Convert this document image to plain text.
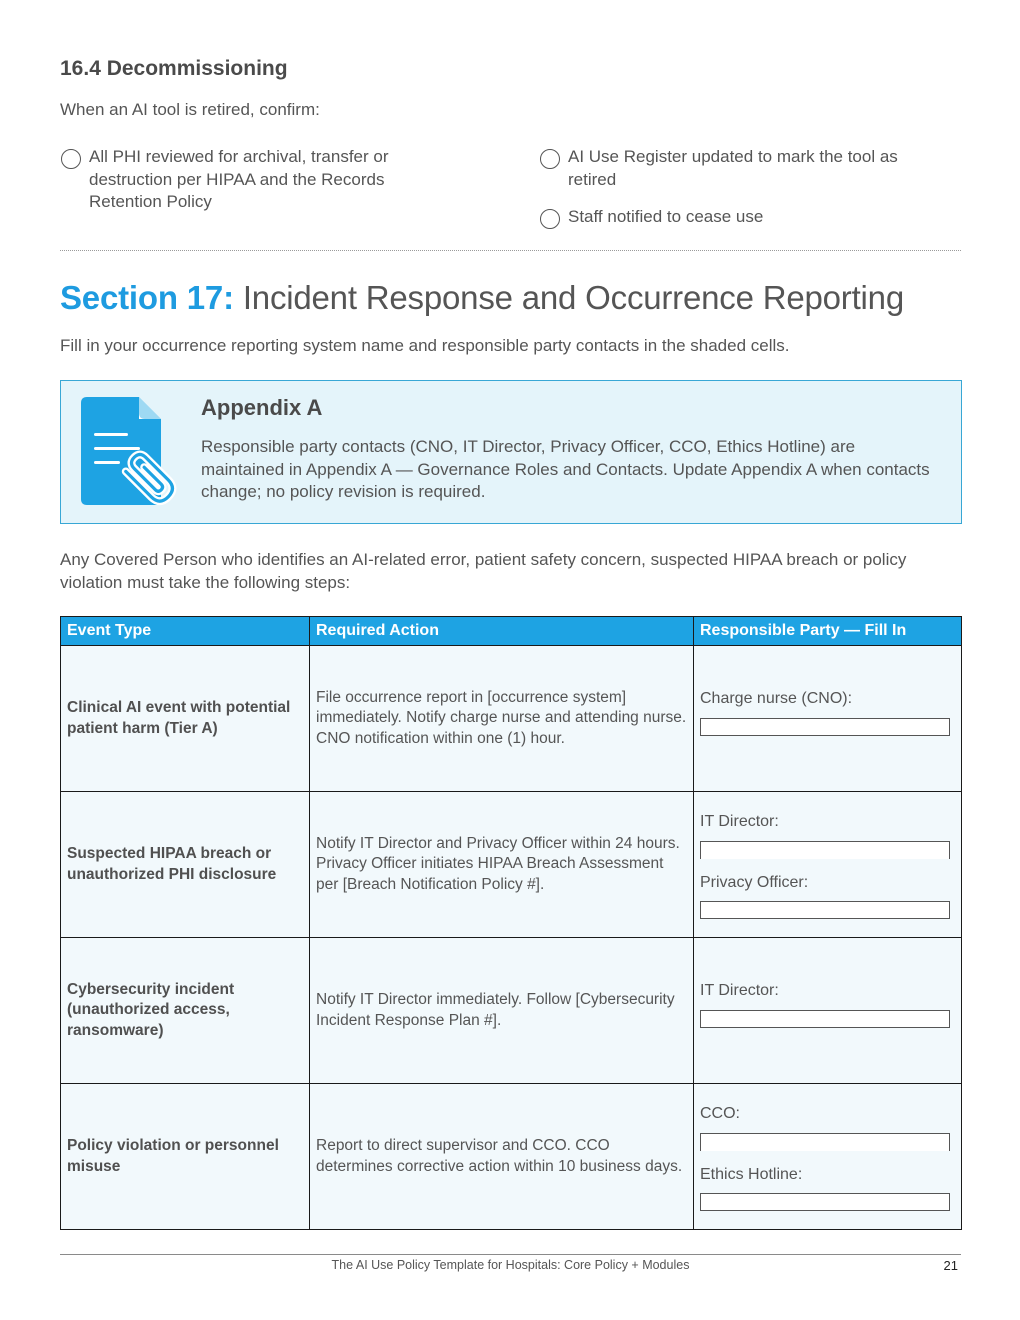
16.4 Decommissioning
When an AI tool is retired, confirm:
All PHI reviewed for archival, transfer or destruction per HIPAA and the Records Retention Policy
AI Use Register updated to mark the tool as retired
Staff notified to cease use
Section 17: Incident Response and Occurrence Reporting
Fill in your occurrence reporting system name and responsible party contacts in the shaded cells.
Appendix A

Responsible party contacts (CNO, IT Director, Privacy Officer, CCO, Ethics Hotline) are maintained in Appendix A — Governance Roles and Contacts. Update Appendix A when contacts change; no policy revision is required.

Any Covered Person who identifies an AI-related error, patient safety concern, suspected HIPAA breach or policy violation must take the following steps:

Event Type	Required Action	Responsible Party — Fill In
Clinical AI event with potential patient harm (Tier A)	File occurrence report in [occurrence system] immediately. Notify charge nurse and attending nurse. CNO notification within one (1) hour.	Charge nurse (CNO):

Suspected HIPAA breach or unauthorized PHI disclosure	Notify IT Director and Privacy Officer within 24 hours. Privacy Officer initiates HIPAA Breach Assessment per [Breach Notification Policy #].	IT Director:
Privacy Officer:

Cybersecurity incident (unauthorized access, ransomware)	Notify IT Director immediately. Follow [Cybersecurity Incident Response Plan #].	IT Director:

Policy violation or personnel misuse	Report to direct supervisor and CCO. CCO determines corrective action within 10 business days.	CCO:
Ethics Hotline:
The AI Use Policy Template for Hospitals: Core Policy + Modules	21
